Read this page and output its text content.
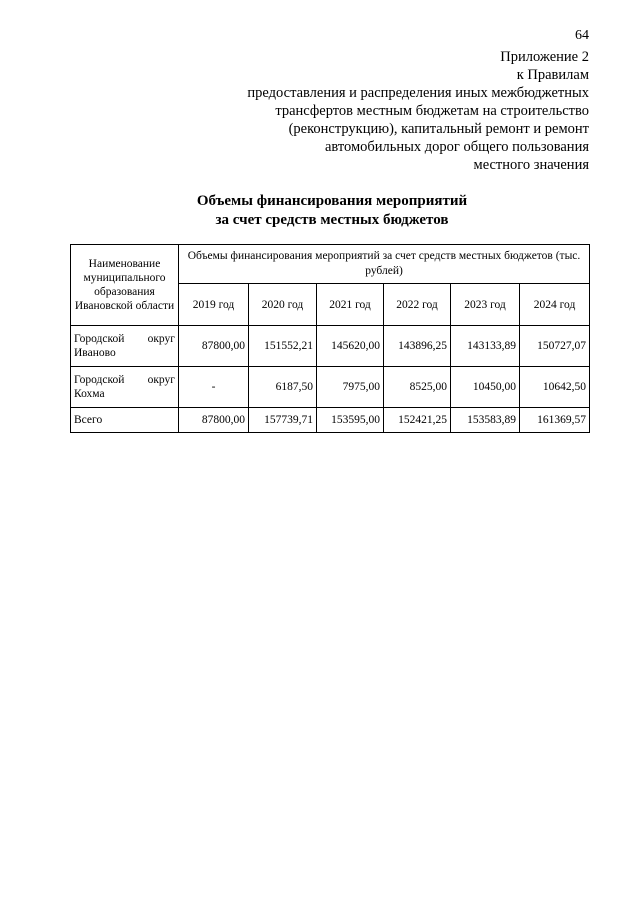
64
Приложение 2
к Правилам
предоставления и распределения иных межбюджетных
трансфертов местным бюджетам на строительство
(реконструкцию), капитальный ремонт и ремонт
автомобильных дорог общего пользования
местного значения
Объемы финансирования мероприятий
за счет средств местных бюджетов
Наименование муниципального образования Ивановской области	Объемы финансирования мероприятий за счет средств местных бюджетов (тыс. рублей)					
	2019 год	2020 год	2021 год	2022 год	2023 год	2024 год

Городской округ
Иваново	87800,00	151552,21	145620,00	143896,25	143133,89	150727,07

Городской округ
Кохма	-	6187,50	7975,00	8525,00	10450,00	10642,50
Всего	87800,00	157739,71	153595,00	152421,25	153583,89	161369,57
